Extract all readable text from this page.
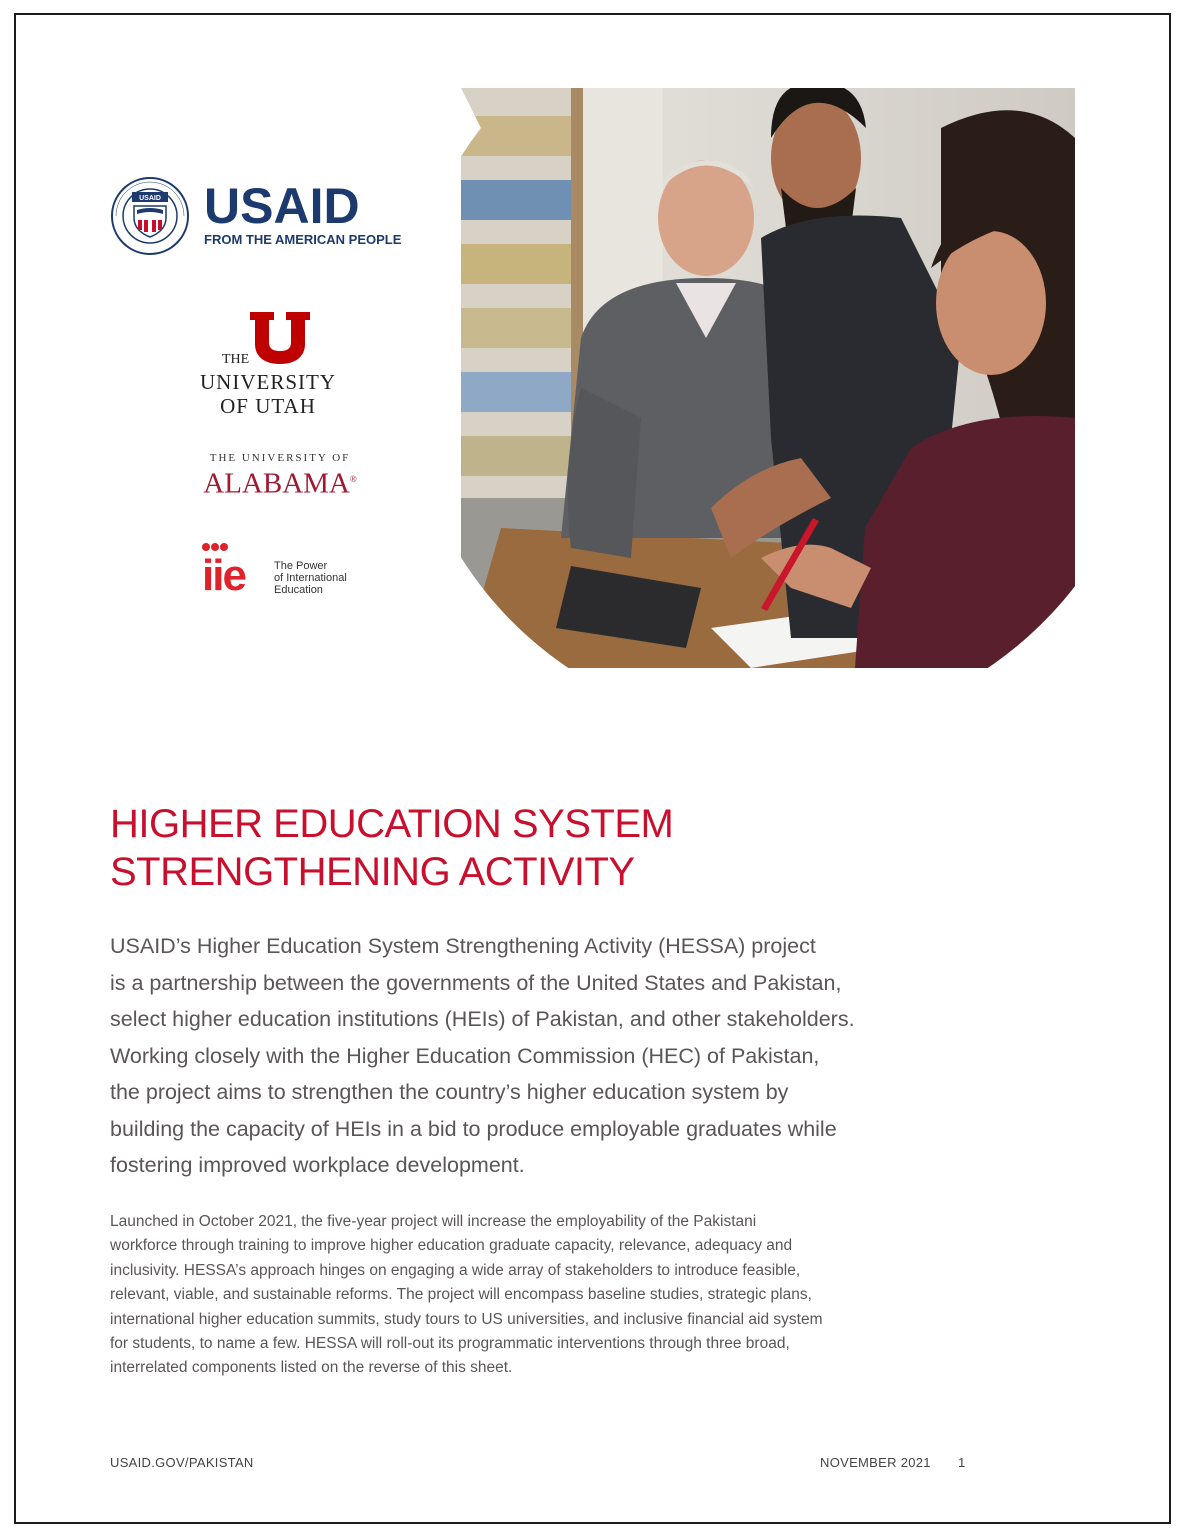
USAID USAID
FROM THE AMERICAN PEOPLE
THE
UNIVERSITY
OF UTAH
THE UNIVERSITY OF
ALABAMA®
iie	The Power
of International
Education
HIGHER EDUCATION SYSTEM
STRENGTHENING ACTIVITY
USAID’s Higher Education System Strengthening Activity (HESSA) project
is a partnership between the governments of the United States and Pakistan,
select higher education institutions (HEIs) of Pakistan, and other stakeholders.
Working closely with the Higher Education Commission (HEC) of Pakistan,
the project aims to strengthen the country’s higher education system by
building the capacity of HEIs in a bid to produce employable graduates while
fostering improved workplace development.
Launched in October 2021, the five-year project will increase the employability of the Pakistani
workforce through training to improve higher education graduate capacity, relevance, adequacy and
inclusivity. HESSA’s approach hinges on engaging a wide array of stakeholders to introduce feasible,
relevant, viable, and sustainable reforms. The project will encompass baseline studies, strategic plans,
international higher education summits, study tours to US universities, and inclusive financial aid system
for students, to name a few. HESSA will roll-out its programmatic interventions through three broad,
interrelated components listed on the reverse of this sheet.
USAID.GOV/PAKISTAN	NOVEMBER 2021 1
